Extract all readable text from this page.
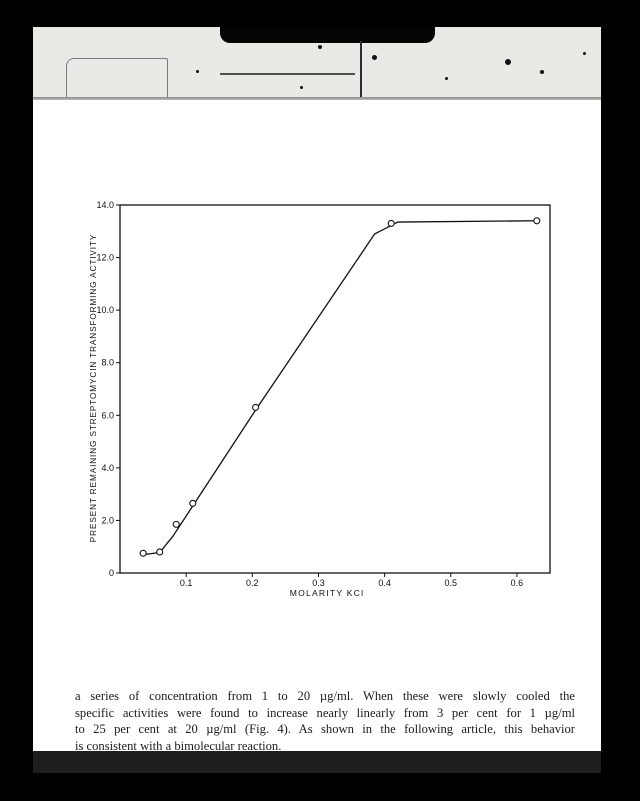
0
2.0
4.0
6.0
8.0
10.0
12.0
14.0
0.1	0.2	0.3	0.4	0.5	0.6
MOLARITY KCl
PRESENT REMAINING STREPTOMYCIN TRANSFORMING ACTIVITY
a series of concentration from 1 to 20 µg/ml. When these were slowly cooled the
specific activities were found to increase nearly linearly from 3 per cent for 1 µg/ml
to 25 per cent at 20 µg/ml (Fig. 4). As shown in the following article, this behavior
is consistent with a bimolecular reaction.
